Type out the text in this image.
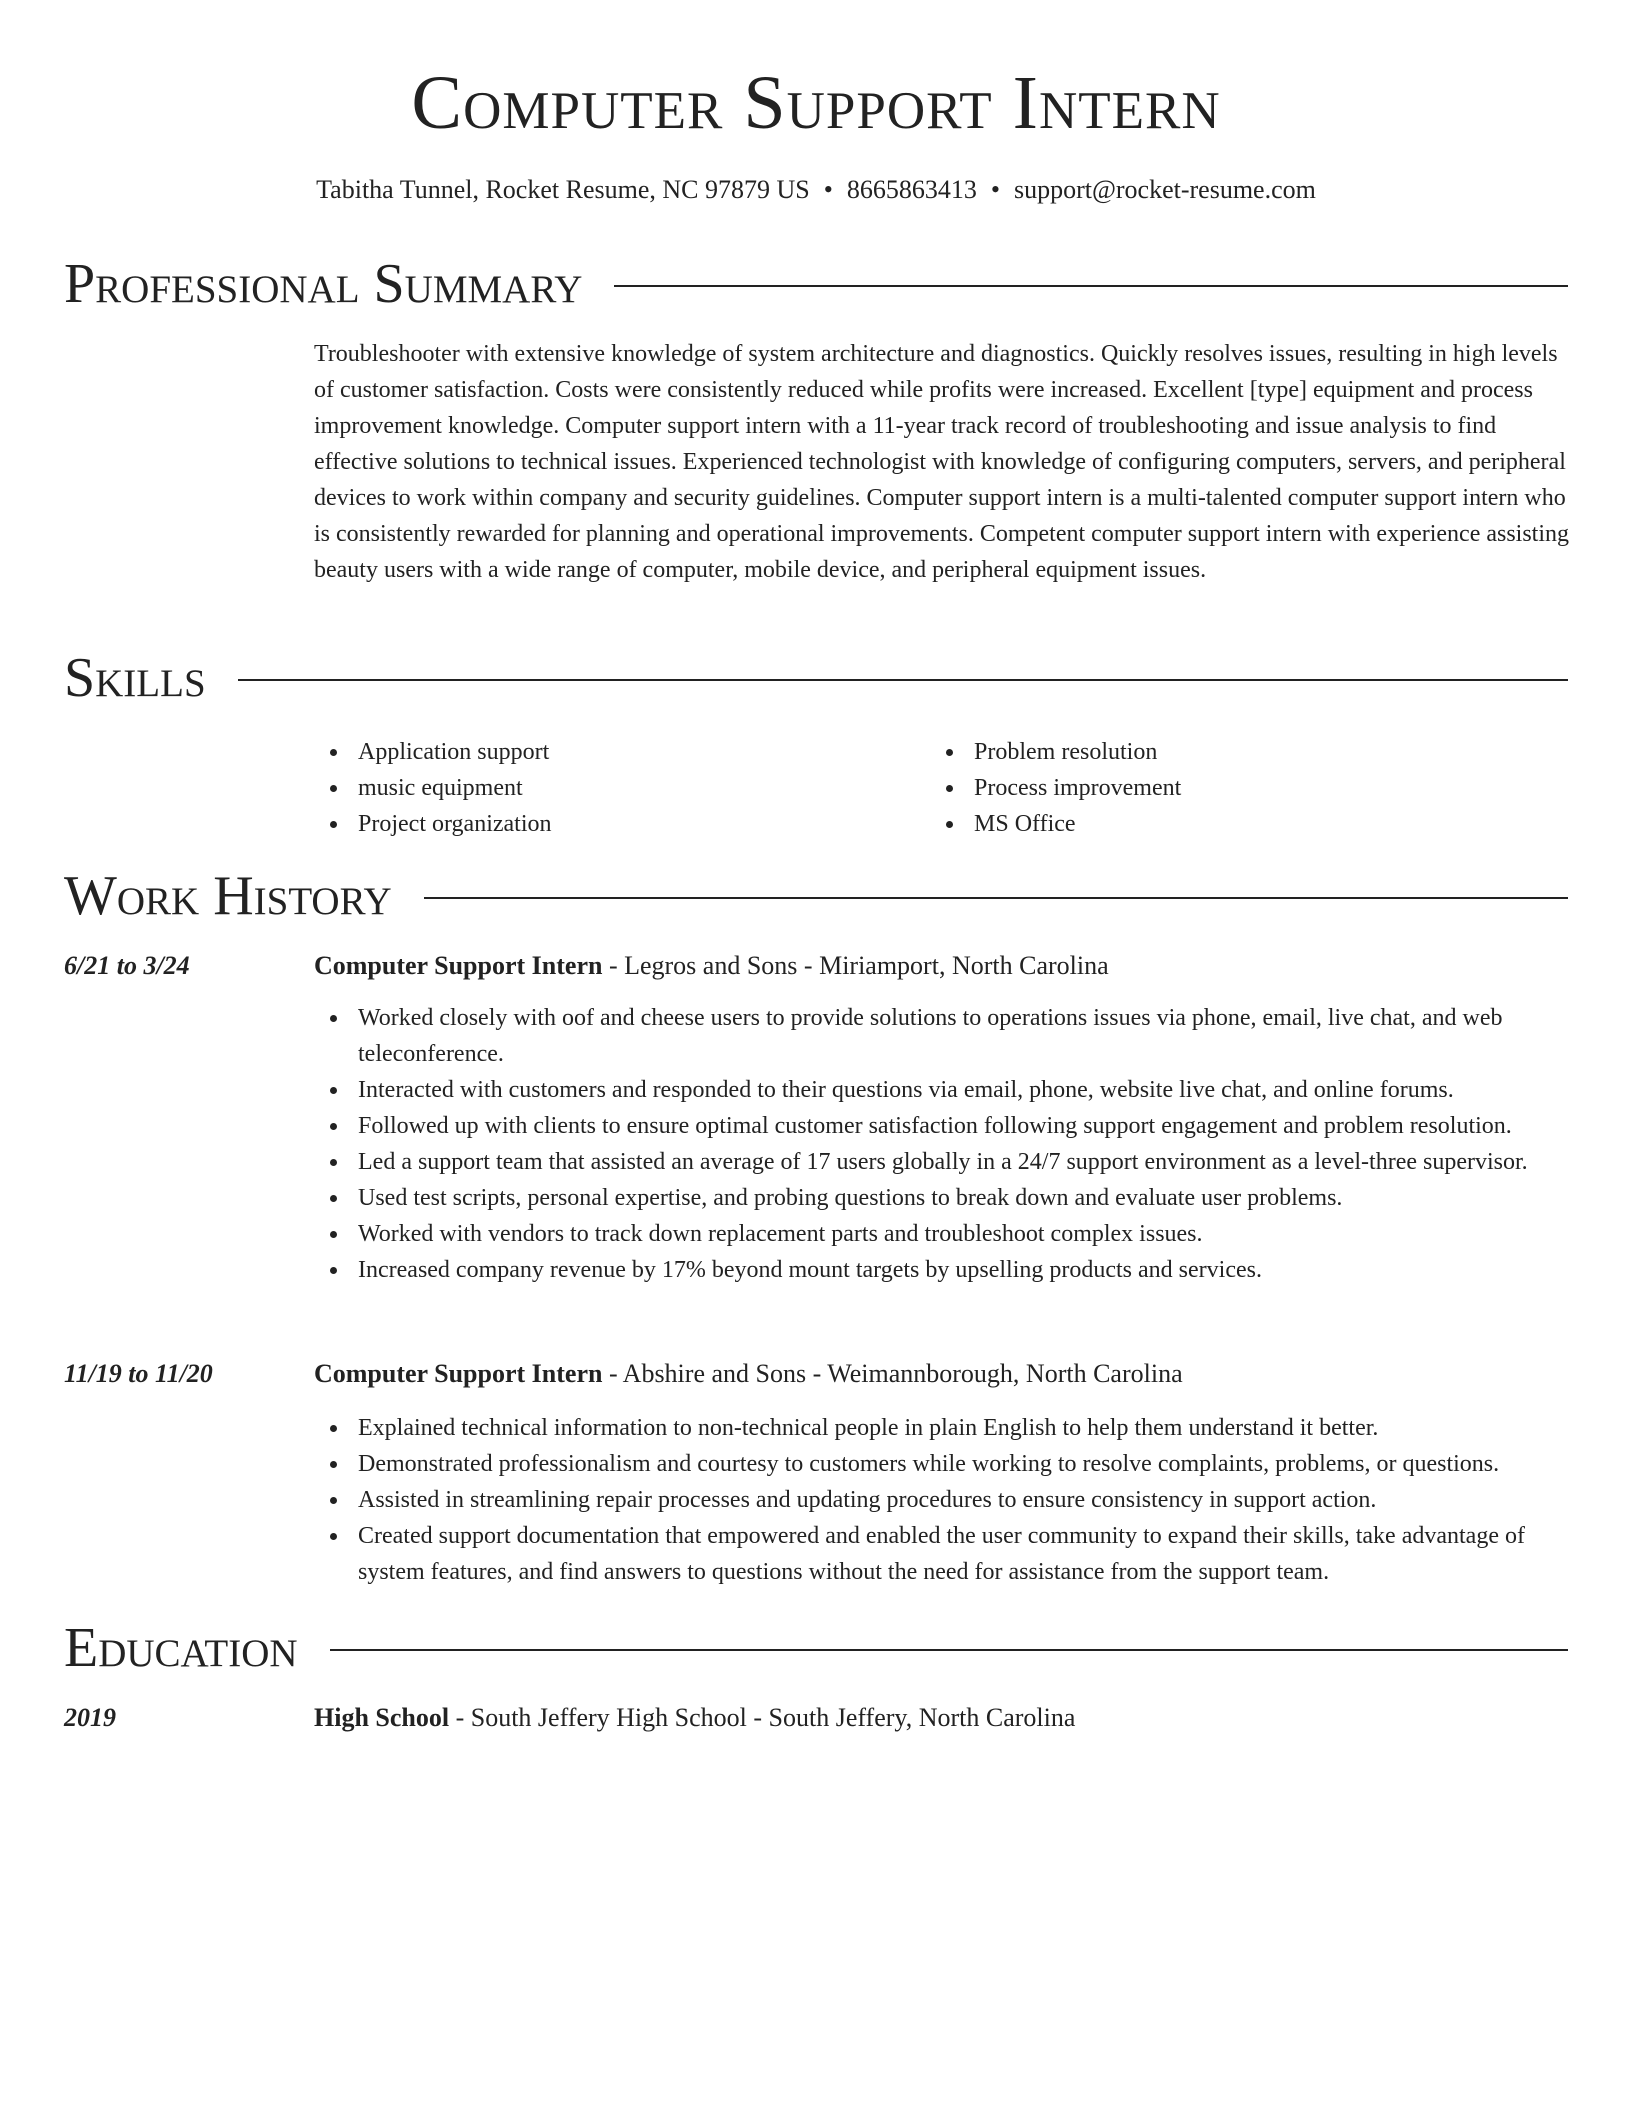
Computer Support Intern
Tabitha Tunnel, Rocket Resume, NC 97879 US • 8665863413 • support@rocket-resume.com
Professional Summary

Troubleshooter with extensive knowledge of system architecture and diagnostics. Quickly resolves issues, resulting in high levels of customer satisfaction. Costs were consistently reduced while profits were increased. Excellent [type] equipment and process improvement knowledge. Computer support intern with a 11-year track record of troubleshooting and issue analysis to find effective solutions to technical issues. Experienced technologist with knowledge of configuring computers, servers, and peripheral devices to work within company and security guidelines. Computer support intern is a multi-talented computer support intern who is consistently rewarded for planning and operational improvements. Competent computer support intern with experience assisting beauty users with a wide range of computer, mobile device, and peripheral equipment issues.

Skills
Application support
music equipment
Project organization
Problem resolution
Process improvement
MS Office
Work History
6/21 to 3/24	Computer Support Intern - Legros and Sons - Miriamport, North Carolina
Worked closely with oof and cheese users to provide solutions to operations issues via phone, email, live chat, and web teleconference.
Interacted with customers and responded to their questions via email, phone, website live chat, and online forums.
Followed up with clients to ensure optimal customer satisfaction following support engagement and problem resolution.
Led a support team that assisted an average of 17 users globally in a 24/7 support environment as a level-three supervisor.
Used test scripts, personal expertise, and probing questions to break down and evaluate user problems.
Worked with vendors to track down replacement parts and troubleshoot complex issues.
Increased company revenue by 17% beyond mount targets by upselling products and services.
11/19 to 11/20	Computer Support Intern - Abshire and Sons - Weimannborough, North Carolina
Explained technical information to non-technical people in plain English to help them understand it better.
Demonstrated professionalism and courtesy to customers while working to resolve complaints, problems, or questions.
Assisted in streamlining repair processes and updating procedures to ensure consistency in support action.
Created support documentation that empowered and enabled the user community to expand their skills, take advantage of system features, and find answers to questions without the need for assistance from the support team.
Education
2019	High School - South Jeffery High School - South Jeffery, North Carolina
